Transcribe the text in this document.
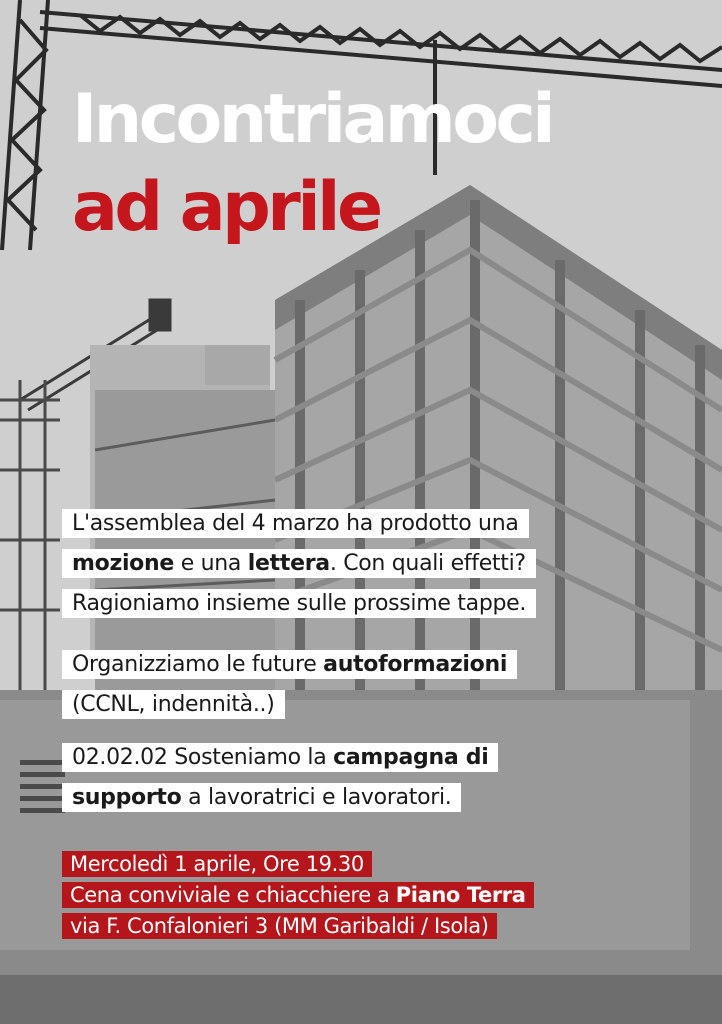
Incontriamoci
ad aprile

L'assemblea del 4 marzo ha prodotto una
mozione e una lettera. Con quali effetti?
Ragioniamo insieme sulle prossime tappe.

Organizziamo le future autoformazioni
(CCNL, indennità..)

02.02.02 Sosteniamo la campagna di
supporto a lavoratrici e lavoratori.

Mercoledì 1 aprile, Ore 19.30
Cena conviviale e chiacchiere a Piano Terra
via F. Confalonieri 3 (MM Garibaldi / Isola)
